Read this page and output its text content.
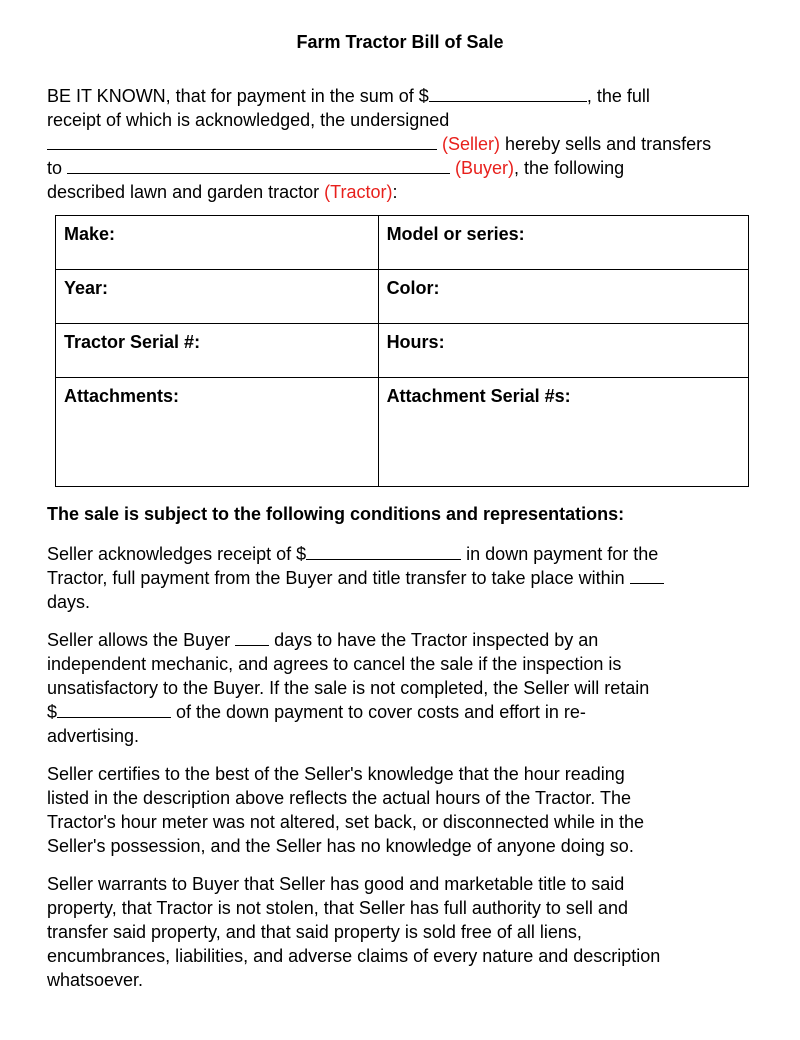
Farm Tractor Bill of Sale
BE IT KNOWN, that for payment in the sum of $	, the full
receipt of which is acknowledged, the undersigned
(Seller) hereby sells and transfers
to	(Buyer), the following
described lawn and garden tractor (Tractor):
Make:	Model or series:
Year:	Color:
Tractor Serial #:	Hours:
Attachments:	Attachment Serial #s:
The sale is subject to the following conditions and representations:
Seller acknowledges receipt of $	in down payment for the
Tractor, full payment from the Buyer and title transfer to take place within
days.
Seller allows the Buyer  days to have the Tractor inspected by an
independent mechanic, and agrees to cancel the sale if the inspection is
unsatisfactory to the Buyer. If the sale is not completed, the Seller will retain
$	of the down payment to cover costs and effort in re-
advertising.
Seller certifies to the best of the Seller's knowledge that the hour reading
listed in the description above reflects the actual hours of the Tractor. The
Tractor's hour meter was not altered, set back, or disconnected while in the
Seller's possession, and the Seller has no knowledge of anyone doing so.
Seller warrants to Buyer that Seller has good and marketable title to said
property, that Tractor is not stolen, that Seller has full authority to sell and
transfer said property, and that said property is sold free of all liens,
encumbrances, liabilities, and adverse claims of every nature and description
whatsoever.
